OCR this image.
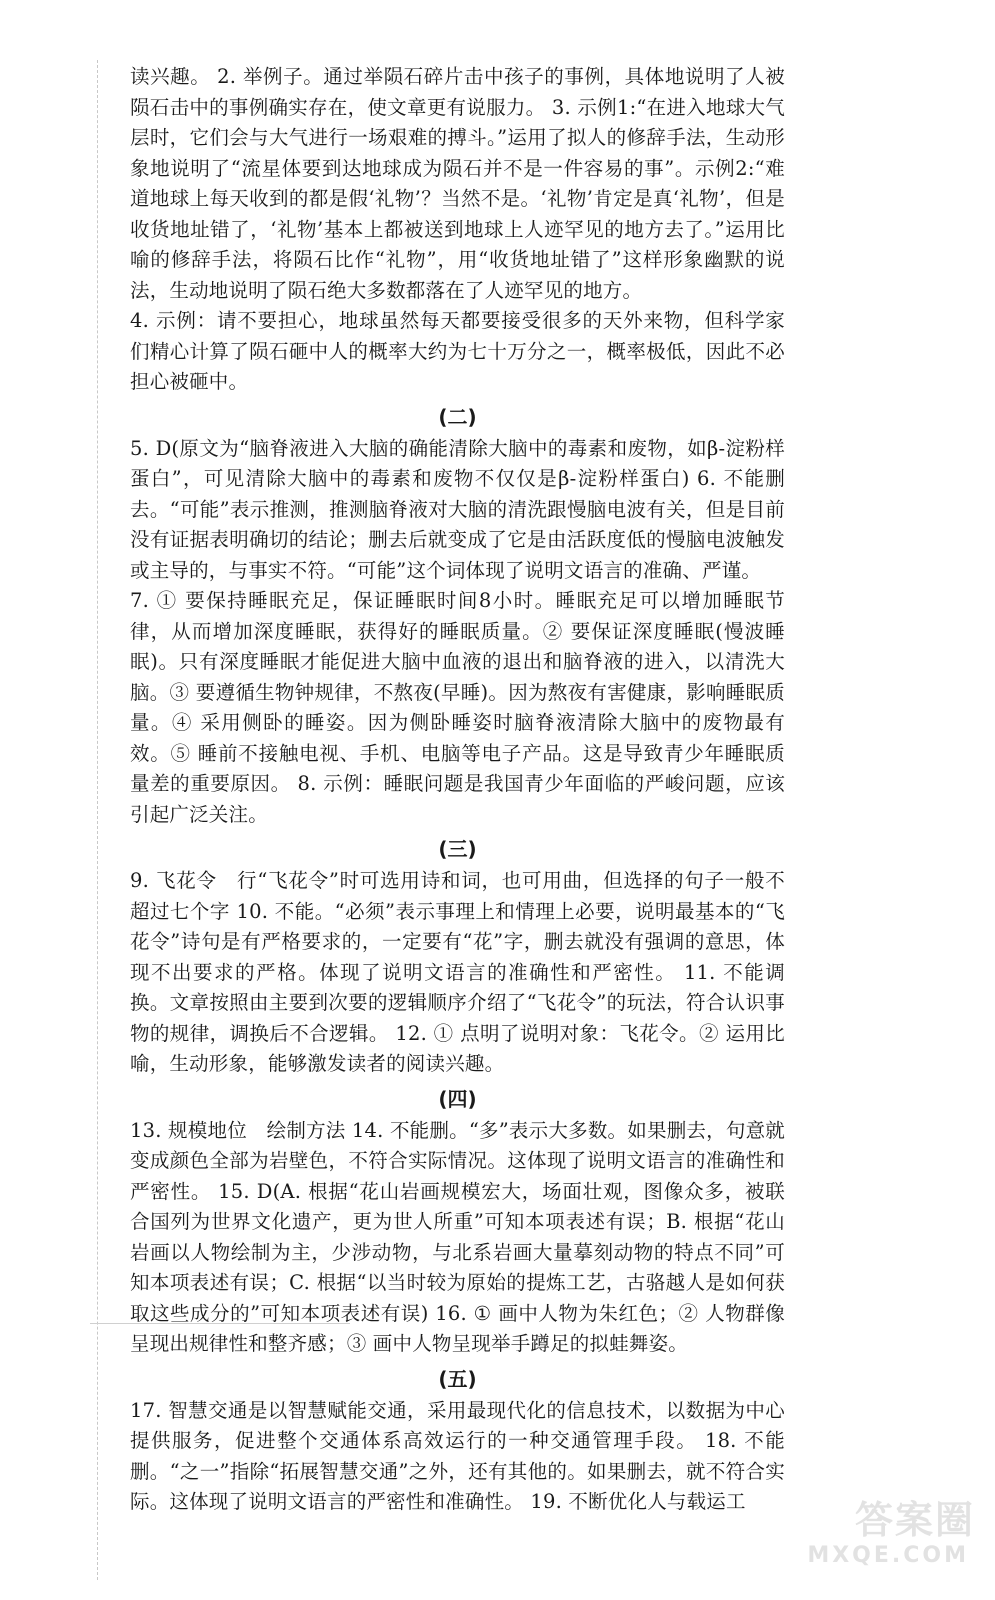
读兴趣。 2. 举例子。通过举陨石碎片击中孩子的事例，具体地说明了人被陨石击中的事例确实存在，使文章更有说服力。 3. 示例1:“在进入地球大气层时，它们会与大气进行一场艰难的搏斗。”运用了拟人的修辞手法，生动形象地说明了“流星体要到达地球成为陨石并不是一件容易的事”。示例2:“难道地球上每天收到的都是假‘礼物’？当然不是。‘礼物’肯定是真‘礼物’，但是收货地址错了，‘礼物’基本上都被送到地球上人迹罕见的地方去了。”运用比喻的修辞手法，将陨石比作“礼物”，用“收货地址错了”这样形象幽默的说法，生动地说明了陨石绝大多数都落在了人迹罕见的地方。

4. 示例：请不要担心，地球虽然每天都要接受很多的天外来物，但科学家们精心计算了陨石砸中人的概率大约为七十万分之一，概率极低，因此不必担心被砸中。

(二)

5. D(原文为“脑脊液进入大脑的确能清除大脑中的毒素和废物，如β-淀粉样蛋白”，可见清除大脑中的毒素和废物不仅仅是β-淀粉样蛋白) 6. 不能删去。“可能”表示推测，推测脑脊液对大脑的清洗跟慢脑电波有关，但是目前没有证据表明确切的结论；删去后就变成了它是由活跃度低的慢脑电波触发或主导的，与事实不符。“可能”这个词体现了说明文语言的准确、严谨。

7. ① 要保持睡眠充足，保证睡眠时间8小时。睡眠充足可以增加睡眠节律，从而增加深度睡眠，获得好的睡眠质量。② 要保证深度睡眠(慢波睡眠)。只有深度睡眠才能促进大脑中血液的退出和脑脊液的进入，以清洗大脑。③ 要遵循生物钟规律，不熬夜(早睡)。因为熬夜有害健康，影响睡眠质量。④ 采用侧卧的睡姿。因为侧卧睡姿时脑脊液清除大脑中的废物最有效。⑤ 睡前不接触电视、手机、电脑等电子产品。这是导致青少年睡眠质量差的重要原因。 8. 示例：睡眠问题是我国青少年面临的严峻问题，应该引起广泛关注。

(三)

9. 飞花令　行“飞花令”时可选用诗和词，也可用曲，但选择的句子一般不超过七个字 10. 不能。“必须”表示事理上和情理上必要，说明最基本的“飞花令”诗句是有严格要求的，一定要有“花”字，删去就没有强调的意思，体现不出要求的严格。体现了说明文语言的准确性和严密性。 11. 不能调换。文章按照由主要到次要的逻辑顺序介绍了“飞花令”的玩法，符合认识事物的规律，调换后不合逻辑。 12. ① 点明了说明对象：飞花令。② 运用比喻，生动形象，能够激发读者的阅读兴趣。

(四)

13. 规模地位　绘制方法 14. 不能删。“多”表示大多数。如果删去，句意就变成颜色全部为岩壁色，不符合实际情况。这体现了说明文语言的准确性和严密性。 15. D(A. 根据“花山岩画规模宏大，场面壮观，图像众多，被联合国列为世界文化遗产，更为世人所重”可知本项表述有误；B. 根据“花山岩画以人物绘制为主，少涉动物，与北系岩画大量摹刻动物的特点不同”可知本项表述有误；C. 根据“以当时较为原始的提炼工艺，古骆越人是如何获取这些成分的”可知本项表述有误) 16. ① 画中人物为朱红色；② 人物群像呈现出规律性和整齐感；③ 画中人物呈现举手蹲足的拟蛙舞姿。

(五)

17. 智慧交通是以智慧赋能交通，采用最现代化的信息技术，以数据为中心提供服务，促进整个交通体系高效运行的一种交通管理手段。 18. 不能删。“之一”指除“拓展智慧交通”之外，还有其他的。如果删去，就不符合实际。这体现了说明文语言的严密性和准确性。 19. 不断优化人与载运工	答案圈
MXQE.COM
